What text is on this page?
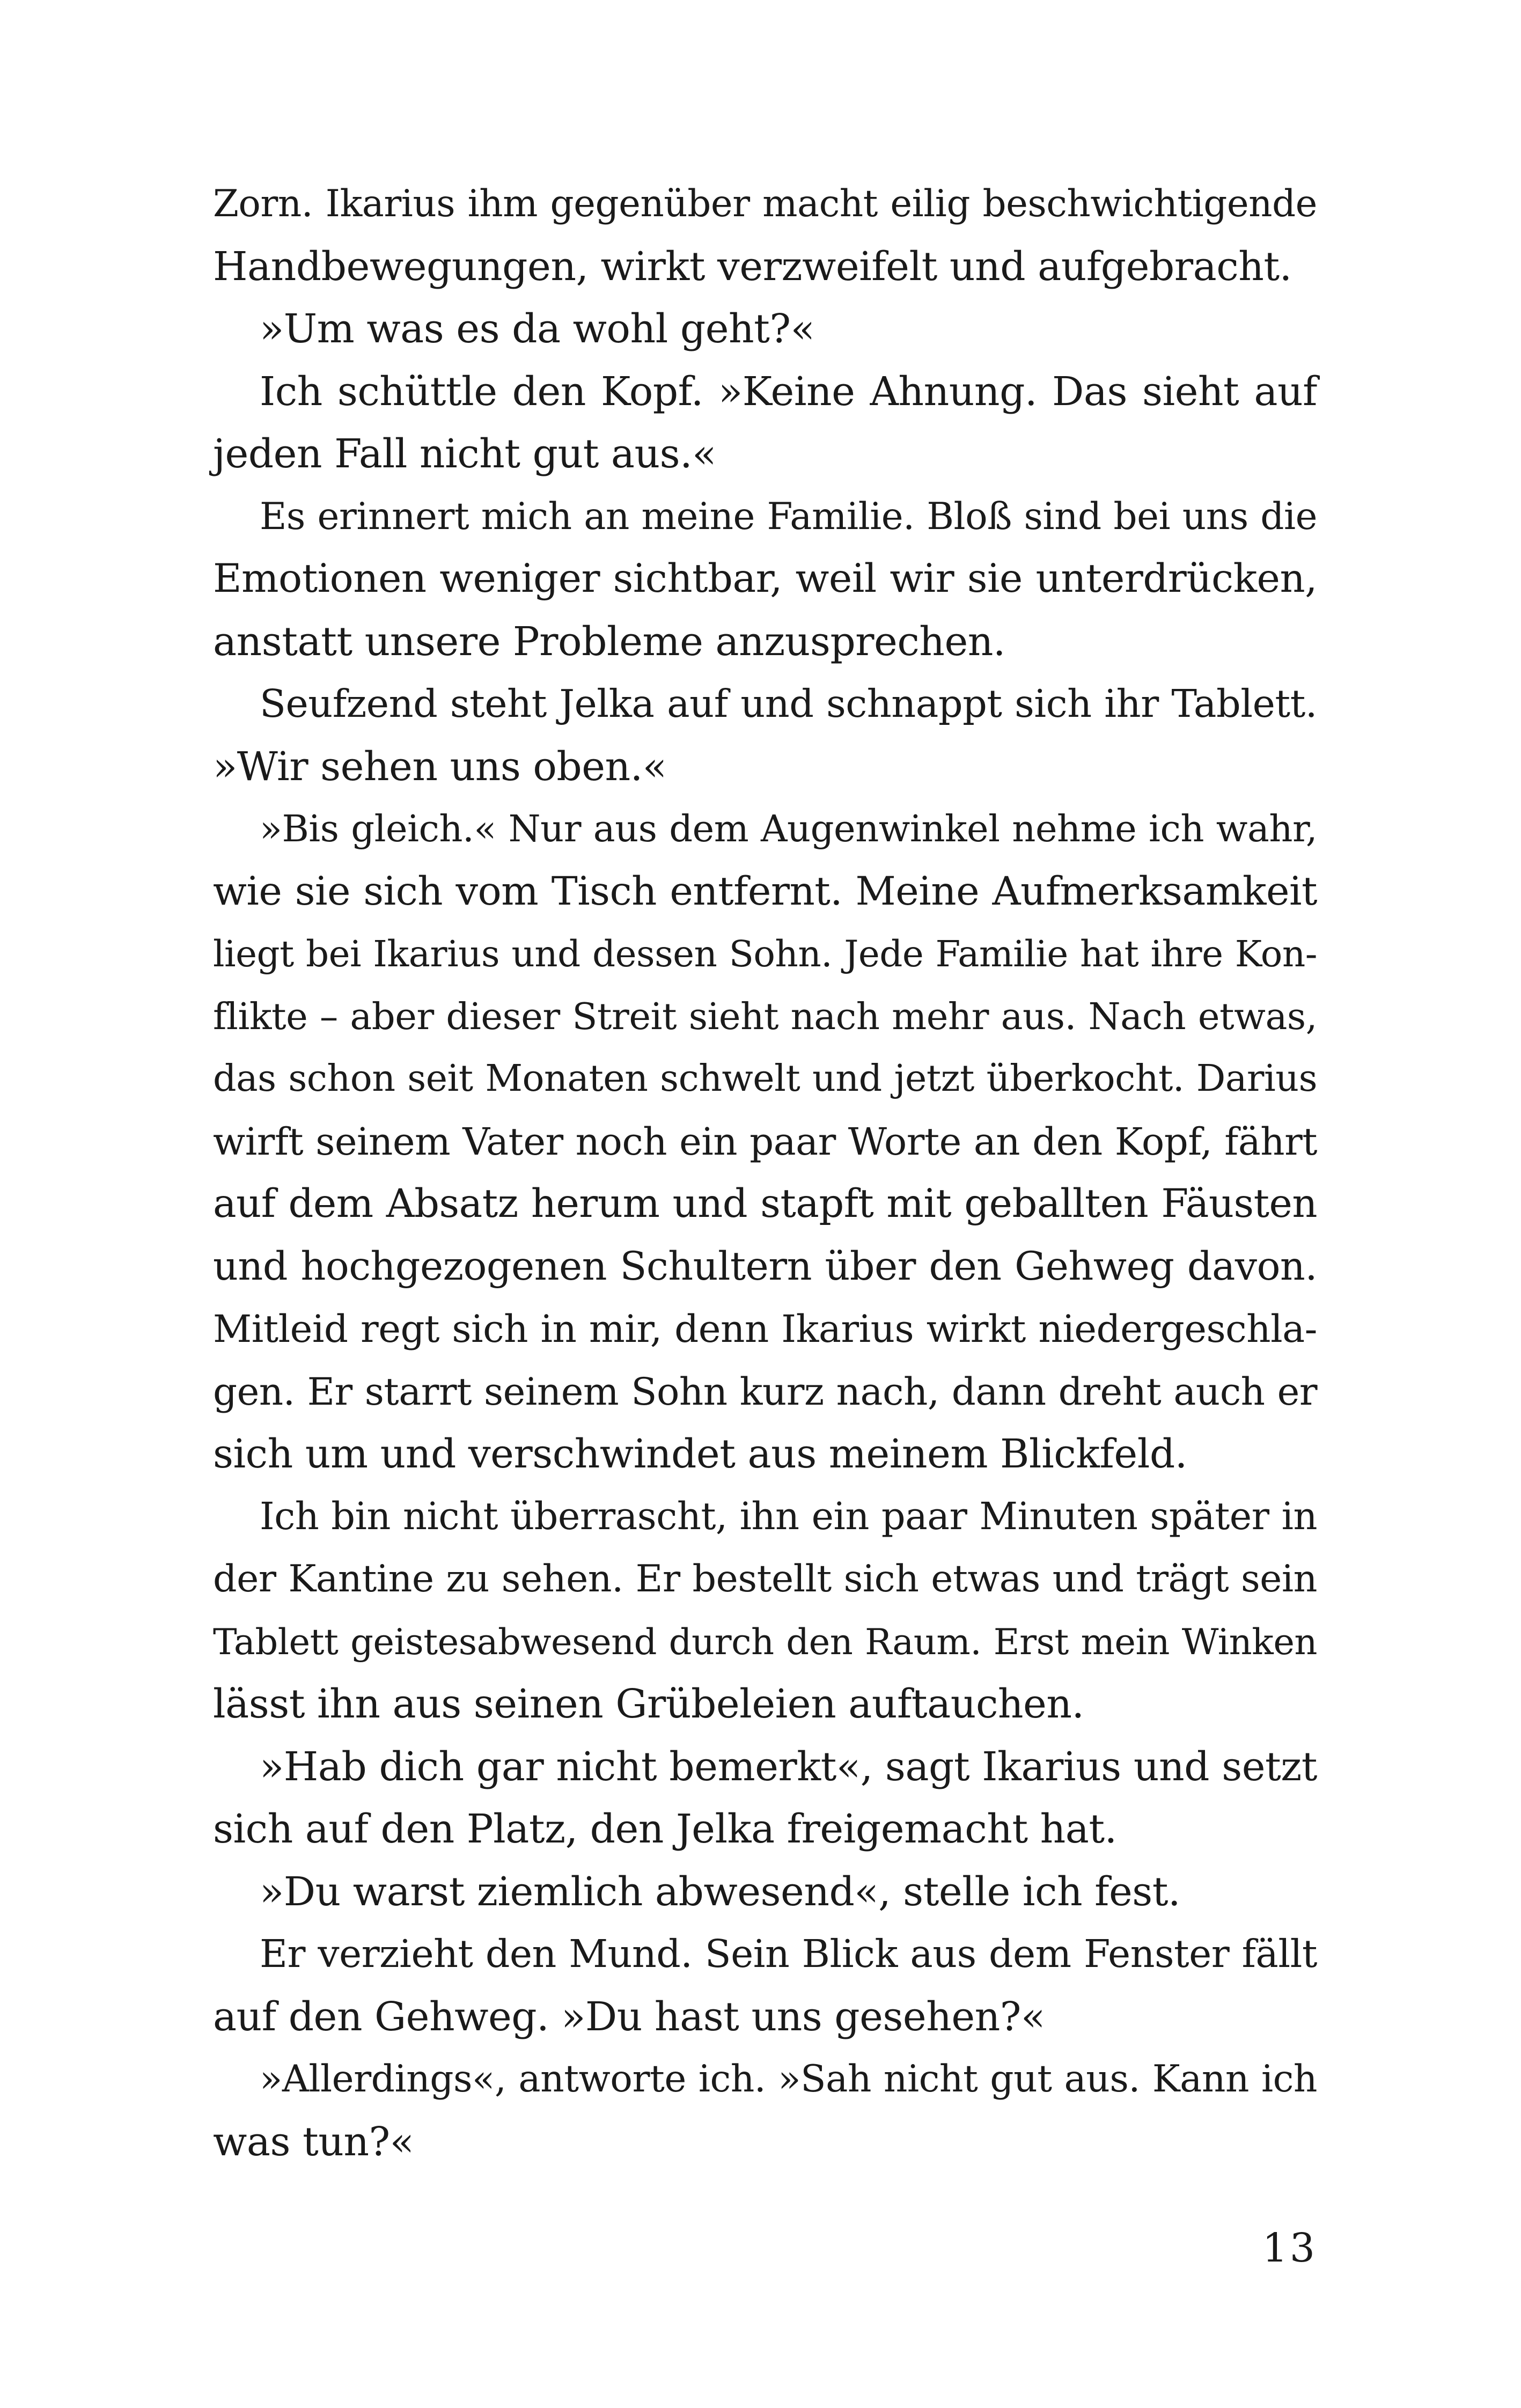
Zorn. Ikarius ihm gegenüber macht eilig beschwichtigende
Handbewegungen, wirkt verzweifelt und aufgebracht.
»Um was es da wohl geht?«
Ich schüttle den Kopf. »Keine Ahnung. Das sieht auf
jeden Fall nicht gut aus.«
Es erinnert mich an meine Familie. Bloß sind bei uns die
Emotionen weniger sichtbar, weil wir sie unterdrücken,
anstatt unsere Probleme anzusprechen.
Seufzend steht Jelka auf und schnappt sich ihr Tablett.
»Wir sehen uns oben.«
»Bis gleich.« Nur aus dem Augenwinkel nehme ich wahr,
wie sie sich vom Tisch entfernt. Meine Aufmerksamkeit
liegt bei Ikarius und dessen Sohn. Jede Familie hat ihre Kon-
flikte – aber dieser Streit sieht nach mehr aus. Nach etwas,
das schon seit Monaten schwelt und jetzt überkocht. Darius
wirft seinem Vater noch ein paar Worte an den Kopf, fährt
auf dem Absatz herum und stapft mit geballten Fäusten
und hochgezogenen Schultern über den Gehweg davon.
Mitleid regt sich in mir, denn Ikarius wirkt niedergeschla-
gen. Er starrt seinem Sohn kurz nach, dann dreht auch er
sich um und verschwindet aus meinem Blickfeld.
Ich bin nicht überrascht, ihn ein paar Minuten später in
der Kantine zu sehen. Er bestellt sich etwas und trägt sein
Tablett geistesabwesend durch den Raum. Erst mein Winken
lässt ihn aus seinen Grübeleien auftauchen.
»Hab dich gar nicht bemerkt«, sagt Ikarius und setzt
sich auf den Platz, den Jelka freigemacht hat.
»Du warst ziemlich abwesend«, stelle ich fest.
Er verzieht den Mund. Sein Blick aus dem Fenster fällt
auf den Gehweg. »Du hast uns gesehen?«
»Allerdings«, antworte ich. »Sah nicht gut aus. Kann ich
was tun?«
13
